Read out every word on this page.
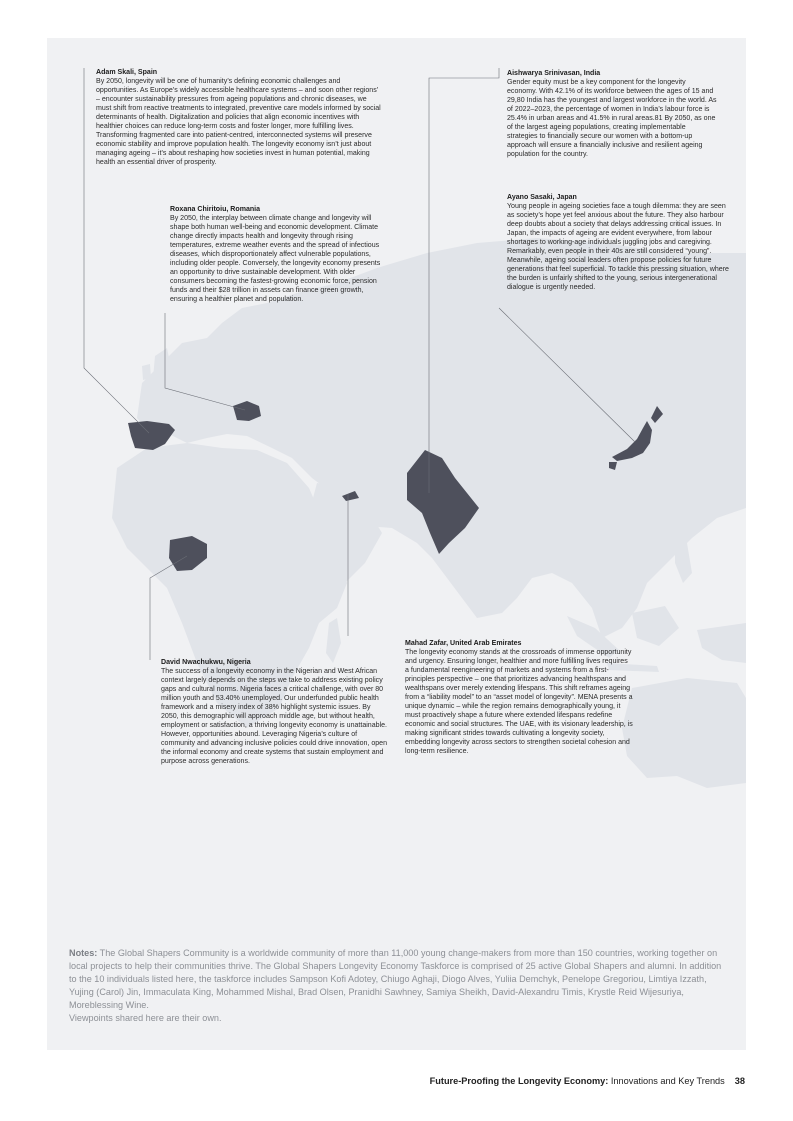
Adam Skali, Spain

By 2050, longevity will be one of humanity’s defining economic challenges and opportunities. As Europe’s widely accessible healthcare systems – and soon other regions’ – encounter sustainability pressures from ageing populations and chronic diseases, we must shift from reactive treatments to integrated, preventive care models informed by social determinants of health. Digitalization and policies that align economic incentives with healthier choices can reduce long-term costs and foster longer, more fulfilling lives. Transforming fragmented care into patient-centred, interconnected systems will preserve economic stability and improve population health. The longevity economy isn’t just about managing ageing – it’s about reshaping how societies invest in human potential, making health an essential driver of prosperity.

Roxana Chiritoiu, Romania

By 2050, the interplay between climate change and longevity will shape both human well-being and economic development. Climate change directly impacts health and longevity through rising temperatures, extreme weather events and the spread of infectious diseases, which disproportionately affect vulnerable populations, including older people. Conversely, the longevity economy presents an opportunity to drive sustainable development. With older consumers becoming the fastest-growing economic force, pension funds and their $28 trillion in assets can finance green growth, ensuring a healthier planet and population.

Aishwarya Srinivasan, India

Gender equity must be a key component for the longevity economy. With 42.1% of its workforce between the ages of 15 and 29,80 India has the youngest and largest workforce in the world. As of 2022–2023, the percentage of women in India’s labour force is 25.4% in urban areas and 41.5% in rural areas.81 By 2050, as one of the largest ageing populations, creating implementable strategies to financially secure our women with a bottom-up approach will ensure a financially inclusive and resilient ageing population for the country.

Ayano Sasaki, Japan

Young people in ageing societies face a tough dilemma: they are seen as society’s hope yet feel anxious about the future. They also harbour deep doubts about a society that delays addressing critical issues. In Japan, the impacts of ageing are evident everywhere, from labour shortages to working-age individuals juggling jobs and caregiving. Remarkably, even people in their 40s are still considered “young”. Meanwhile, ageing social leaders often propose policies for future generations that feel superficial. To tackle this pressing situation, where the burden is unfairly shifted to the young, serious intergenerational dialogue is urgently needed.

Mahad Zafar, United Arab Emirates

The longevity economy stands at the crossroads of immense opportunity and urgency. Ensuring longer, healthier and more fulfilling lives requires a fundamental reengineering of markets and systems from a first-principles perspective – one that prioritizes advancing healthspans and wealthspans over merely extending lifespans. This shift reframes ageing from a “liability model” to an “asset model of longevity”. MENA presents a unique dynamic – while the region remains demographically young, it must proactively shape a future where extended lifespans redefine economic and social structures. The UAE, with its visionary leadership, is making significant strides towards cultivating a longevity society, embedding longevity across sectors to strengthen societal cohesion and long-term resilience.

David Nwachukwu, Nigeria

The success of a longevity economy in the Nigerian and West African context largely depends on the steps we take to address existing policy gaps and cultural norms. Nigeria faces a critical challenge, with over 80 million youth and 53.40% unemployed. Our underfunded public health framework and a misery index of 38% highlight systemic issues. By 2050, this demographic will approach middle age, but without health, employment or satisfaction, a thriving longevity economy is unattainable. However, opportunities abound. Leveraging Nigeria’s culture of community and advancing inclusive policies could drive innovation, open the informal economy and create systems that sustain employment and purpose across generations.

Notes: The Global Shapers Community is a worldwide community of more than 11,000 young change-makers from more than 150 countries, working together on local projects to help their communities thrive. The Global Shapers Longevity Economy Taskforce is comprised of 25 active Global Shapers and alumni. In addition to the 10 individuals listed here, the taskforce includes Sampson Kofi Adotey, Chiugo Aghaji, Diogo Alves, Yuliia Demchyk, Penelope Gregoriou, Limtiya Izzath, Yujing (Carol) Jin, Immaculata King, Mohammed Mishal, Brad Olsen, Pranidhi Sawhney, Samiya Sheikh, David-Alexandru Timis, Krystle Reid Wijesuriya, Moreblessing Wine.

Viewpoints shared here are their own.

Future-Proofing the Longevity Economy: Innovations and Key Trends 38
